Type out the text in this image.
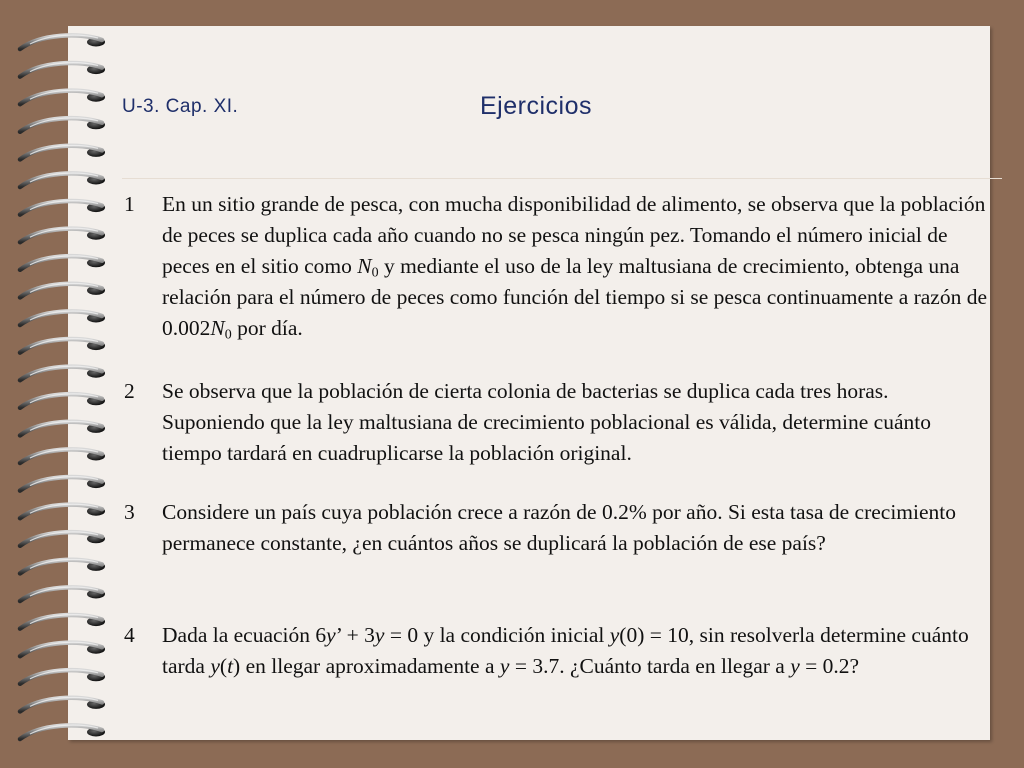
U-3. Cap. XI.	Ejercicios
1	En un sitio grande de pesca, con mucha disponibilidad de alimento, se observa que la población de peces se duplica cada año cuando no se pesca ningún pez. Tomando el número inicial de peces en el sitio como $N_0$ y mediante el uso de la ley maltusiana de crecimiento, obtenga una relación para el número de peces como función del tiempo si se pesca continuamente a razón de $0.002N_0$ por día.
2	Se observa que la población de cierta colonia de bacterias se duplica cada tres horas. Suponiendo que la ley maltusiana de crecimiento poblacional es válida, determine cuánto tiempo tardará en cuadruplicarse la población original.
3	Considere un país cuya población crece a razón de 0.2% por año. Si esta tasa de crecimiento permanece constante, ¿en cuántos años se duplicará la población de ese país?
4	Dada la ecuación 6y’ + 3y = 0 y la condición inicial y(0) = 10, sin resolverla determine cuánto tarda y(t) en llegar aproximadamente a y = 3.7. ¿Cuánto tarda en llegar a y = 0.2?
